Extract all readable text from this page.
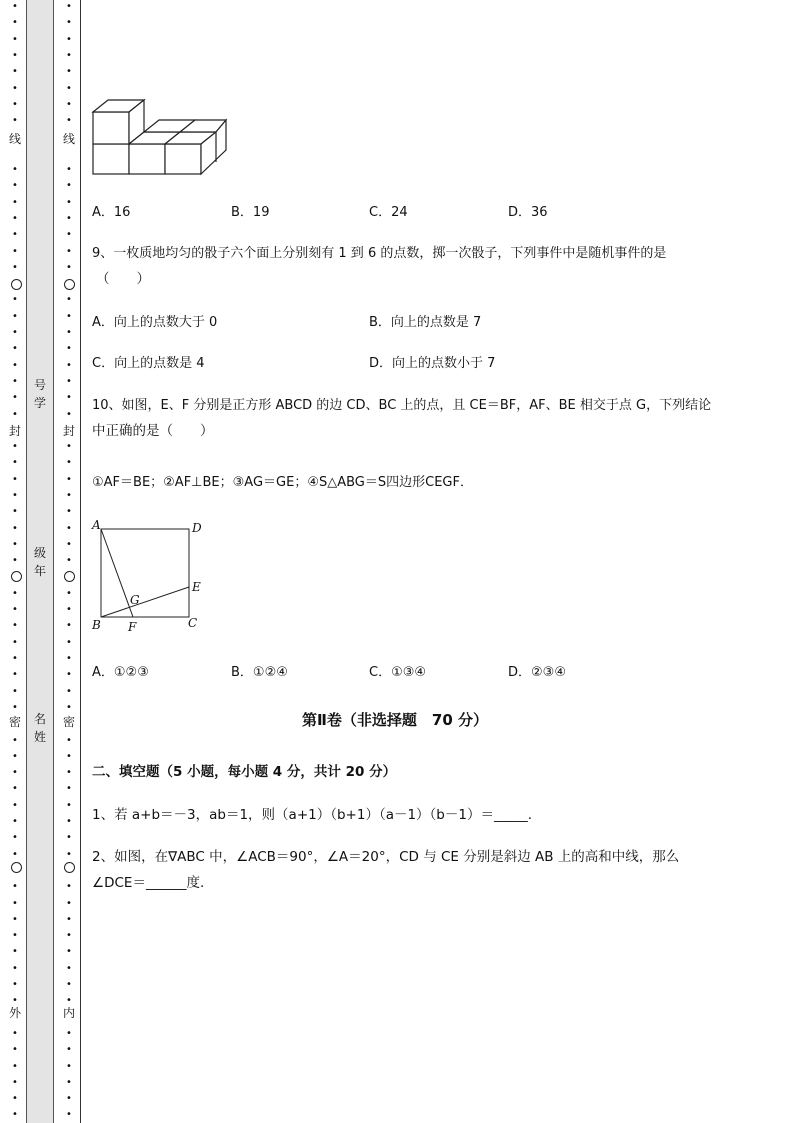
•
•
•
•
•
•
•
•
•
•
•
•
•
•
•
•
•
•
•
•
•
•
•
•
•
•
•
•
•
•
•
•
•
•
•
•
•
•
•
•
•
•
•
•
•
•
•
•
•
•
•
•
•
•
•
•
•
•
•
•
•
•
•
•
•
•
•
•
•
•
•
•
•
•
•
•
•
•
•
•
•
•
•
•
•
•
•
•
•
•
•
•
•
•
•
•
•
•
•
•
•
•
•
•
•
•
•
•
•
•
•
•
•
•
•
•
•
•
•
•
•
•
线
封
密
外
线
封
密
内
号
学
级
年
名
姓
A．16	B．19	C．24	D．36
9、一枚质地均匀的骰子六个面上分别刻有 1 到 6 的点数，掷一次骰子，下列事件中是随机事件的是
（　　）
A．向上的点数大于 0	B．向上的点数是 7
C．向上的点数是 4	D．向上的点数小于 7
10、如图，E、F 分别是正方形 ABCD 的边 CD、BC 上的点，且 CE＝BF，AF、BE 相交于点 G，下列结论
中正确的是（　　）
①AF＝BE；②AF⊥BE；③AG＝GE；④S△ABG＝S四边形CEGF．
A	D
B	C
E
F
G
A．①②③	B．①②④	C．①③④	D．②③④
第Ⅱ卷（非选择题　70 分）
二、填空题（5 小题，每小题 4 分，共计 20 分）
1、若 a+b＝－3，ab＝1，则（a+1）（b+1）（a－1）（b－1）＝_____.
2、如图，在∇ABC 中，∠ACB＝90°，∠A＝20°，CD 与 CE 分别是斜边 AB 上的高和中线，那么
∠DCE＝______度.
